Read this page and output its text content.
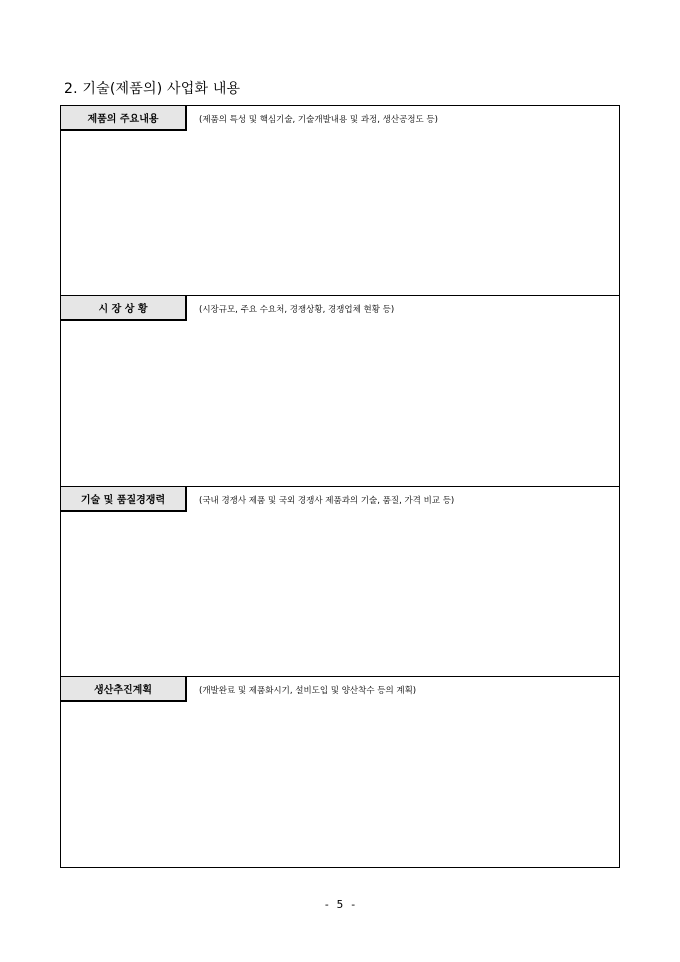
2. 기술(제품의) 사업화 내용
제품의 주요내용	(제품의 특성 및 핵심기술, 기술개발내용 및 과정, 생산공정도 등)
시 장 상 황	(시장규모, 주요 수요처, 경쟁상황, 경쟁업체 현황 등)
기술 및 품질경쟁력	(국내 경쟁사 제품 및 국외 경쟁사 제품과의 기술, 품질, 가격 비교 등)
생산추진계획	(개발완료 및 제품화시기, 설비도입 및 양산착수 등의 계획)
- 5 -
